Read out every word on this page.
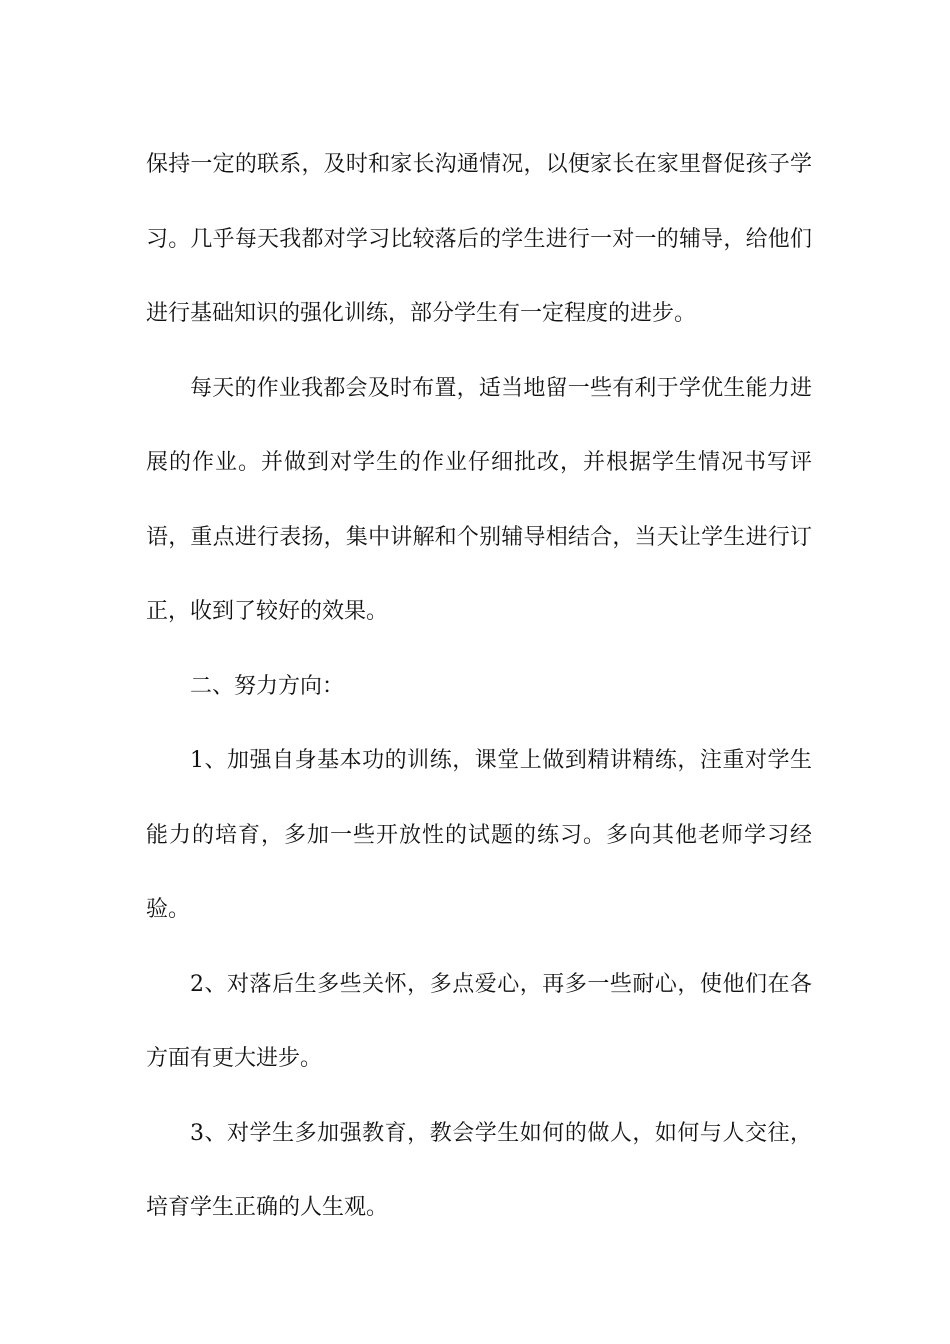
保持一定的联系，及时和家长沟通情况，以便家长在家里督促孩子学习。几乎每天我都对学习比较落后的学生进行一对一的辅导，给他们进行基础知识的强化训练，部分学生有一定程度的进步。

每天的作业我都会及时布置，适当地留一些有利于学优生能力进展的作业。并做到对学生的作业仔细批改，并根据学生情况书写评语，重点进行表扬，集中讲解和个别辅导相结合，当天让学生进行订正，收到了较好的效果。

二、努力方向：

1、加强自身基本功的训练，课堂上做到精讲精练，注重对学生能力的培育，多加一些开放性的试题的练习。多向其他老师学习经验。

2、对落后生多些关怀，多点爱心，再多一些耐心，使他们在各方面有更大进步。

3、对学生多加强教育，教会学生如何的做人，如何与人交往，培育学生正确的人生观。
